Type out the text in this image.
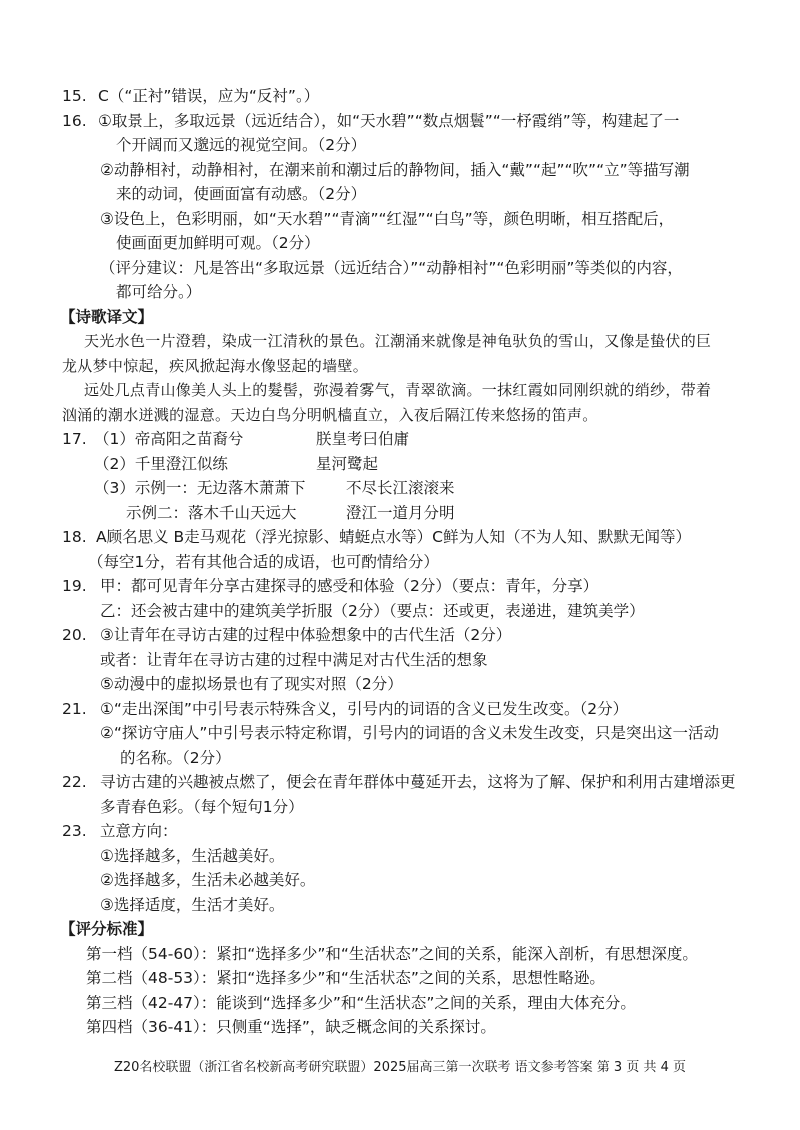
15. C（“正衬”错误，应为“反衬”。）
16. ①取景上，多取远景（远近结合），如“天水碧”“数点烟鬟”“一杼霞绡”等，构建起了一
个开阔而又邈远的视觉空间。（2分）
②动静相衬，动静相衬，在潮来前和潮过后的静物间，插入“戴”“起”“吹”“立”等描写潮
来的动词，使画面富有动感。（2分）
③设色上，色彩明丽，如“天水碧”“青滴”“红湿”“白鸟”等，颜色明晰，相互搭配后，
使画面更加鲜明可观。（2分）
（评分建议：凡是答出“多取远景（远近结合）”“动静相衬”“色彩明丽”等类似的内容，
都可给分。）
【诗歌译文】
天光水色一片澄碧，染成一江清秋的景色。江潮涌来就像是神龟驮负的雪山，又像是蛰伏的巨
龙从梦中惊起，疾风掀起海水像竖起的墙壁。
远处几点青山像美人头上的髮髻，弥漫着雾气，青翠欲滴。一抹红霞如同刚织就的绡纱，带着
汹涌的潮水迸溅的湿意。天边白鸟分明帆樯直立，入夜后隔江传来悠扬的笛声。
17. （1）帝高阳之苗裔兮	朕皇考曰伯庸
（2）千里澄江似练	星河鹭起
（3）示例一：无边落木萧萧下	不尽长江滚滚来
示例二：落木千山天远大	澄江一道月分明
18. A顾名思义 B走马观花（浮光掠影、蜻蜓点水等）C鲜为人知（不为人知、默默无闻等）
（每空1分，若有其他合适的成语，也可酌情给分）
19. 甲：都可见青年分享古建探寻的感受和体验（2分）（要点：青年，分享）
乙：还会被古建中的建筑美学折服（2分）（要点：还或更，表递进，建筑美学）
20. ③让青年在寻访古建的过程中体验想象中的古代生活（2分）
或者：让青年在寻访古建的过程中满足对古代生活的想象
⑤动漫中的虚拟场景也有了现实对照（2分）
21. ①“走出深闺”中引号表示特殊含义，引号内的词语的含义已发生改变。（2分）
②“探访守庙人”中引号表示特定称谓，引号内的词语的含义未发生改变，只是突出这一活动
的名称。（2分）
22. 寻访古建的兴趣被点燃了，便会在青年群体中蔓延开去，这将为了解、保护和利用古建增添更
多青春色彩。（每个短句1分）
23. 立意方向：
①选择越多，生活越美好。
②选择越多，生活未必越美好。
③选择适度，生活才美好。
【评分标准】
第一档（54-60）：紧扣“选择多少”和“生活状态”之间的关系，能深入剖析，有思想深度。
第二档（48-53）：紧扣“选择多少”和“生活状态”之间的关系，思想性略逊。
第三档（42-47）：能谈到“选择多少”和“生活状态”之间的关系，理由大体充分。
第四档（36-41）：只侧重“选择”，缺乏概念间的关系探讨。
Z20名校联盟（浙江省名校新高考研究联盟）2025届高三第一次联考 语文参考答案 第 3 页 共 4 页
